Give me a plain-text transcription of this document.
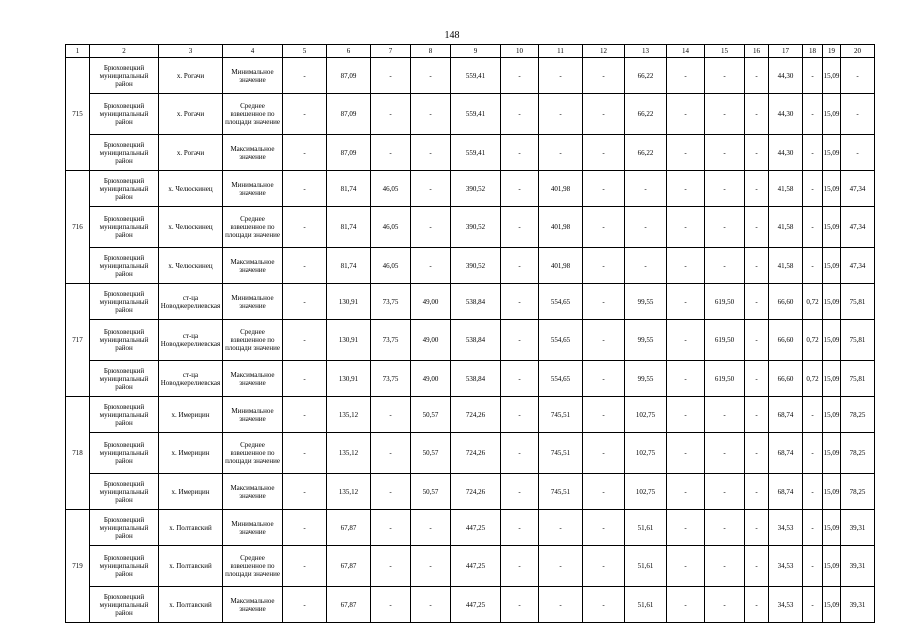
148
1	2	3	4	5	6	7	8	9	10	11	12	13	14	15	16	17	18	19	20
715	Брюховецкий муниципальный район	х. Рогачи	Минимальное значение	-	87,09	-	-	559,41	-	-	-	66,22	-	-	-	44,30	-	15,09	-
	Брюховецкий муниципальный район	х. Рогачи	Среднее взвешенное по площади значение	-	87,09	-	-	559,41	-	-	-	66,22	-	-	-	44,30	-	15,09	-
	Брюховецкий муниципальный район	х. Рогачи	Максимальное значение	-	87,09	-	-	559,41	-	-	-	66,22	-	-	-	44,30	-	15,09	-
716	Брюховецкий муниципальный район	х. Челюскинец	Минимальное значение	-	81,74	46,05	-	390,52	-	401,98	-	-	-	-	-	41,58	-	15,09	47,34
	Брюховецкий муниципальный район	х. Челюскинец	Среднее взвешенное по площади значение	-	81,74	46,05	-	390,52	-	401,98	-	-	-	-	-	41,58	-	15,09	47,34
	Брюховецкий муниципальный район	х. Челюскинец	Максимальное значение	-	81,74	46,05	-	390,52	-	401,98	-	-	-	-	-	41,58	-	15,09	47,34
717	Брюховецкий муниципальный район	ст-ца Новоджерелиевская	Минимальное значение	-	130,91	73,75	49,00	538,84	-	554,65	-	99,55	-	619,50	-	66,60	0,72	15,09	75,81
	Брюховецкий муниципальный район	ст-ца Новоджерелиевская	Среднее взвешенное по площади значение	-	130,91	73,75	49,00	538,84	-	554,65	-	99,55	-	619,50	-	66,60	0,72	15,09	75,81
	Брюховецкий муниципальный район	ст-ца Новоджерелиевская	Максимальное значение	-	130,91	73,75	49,00	538,84	-	554,65	-	99,55	-	619,50	-	66,60	0,72	15,09	75,81
718	Брюховецкий муниципальный район	х. Имерицин	Минимальное значение	-	135,12	-	50,57	724,26	-	745,51	-	102,75	-	-	-	68,74	-	15,09	78,25
	Брюховецкий муниципальный район	х. Имерицин	Среднее взвешенное по площади значение	-	135,12	-	50,57	724,26	-	745,51	-	102,75	-	-	-	68,74	-	15,09	78,25
	Брюховецкий муниципальный район	х. Имерицин	Максимальное значение	-	135,12	-	50,57	724,26	-	745,51	-	102,75	-	-	-	68,74	-	15,09	78,25
719	Брюховецкий муниципальный район	х. Полтавский	Минимальное значение	-	67,87	-	-	447,25	-	-	-	51,61	-	-	-	34,53	-	15,09	39,31
	Брюховецкий муниципальный район	х. Полтавский	Среднее взвешенное по площади значение	-	67,87	-	-	447,25	-	-	-	51,61	-	-	-	34,53	-	15,09	39,31
	Брюховецкий муниципальный район	х. Полтавский	Максимальное значение	-	67,87	-	-	447,25	-	-	-	51,61	-	-	-	34,53	-	15,09	39,31
